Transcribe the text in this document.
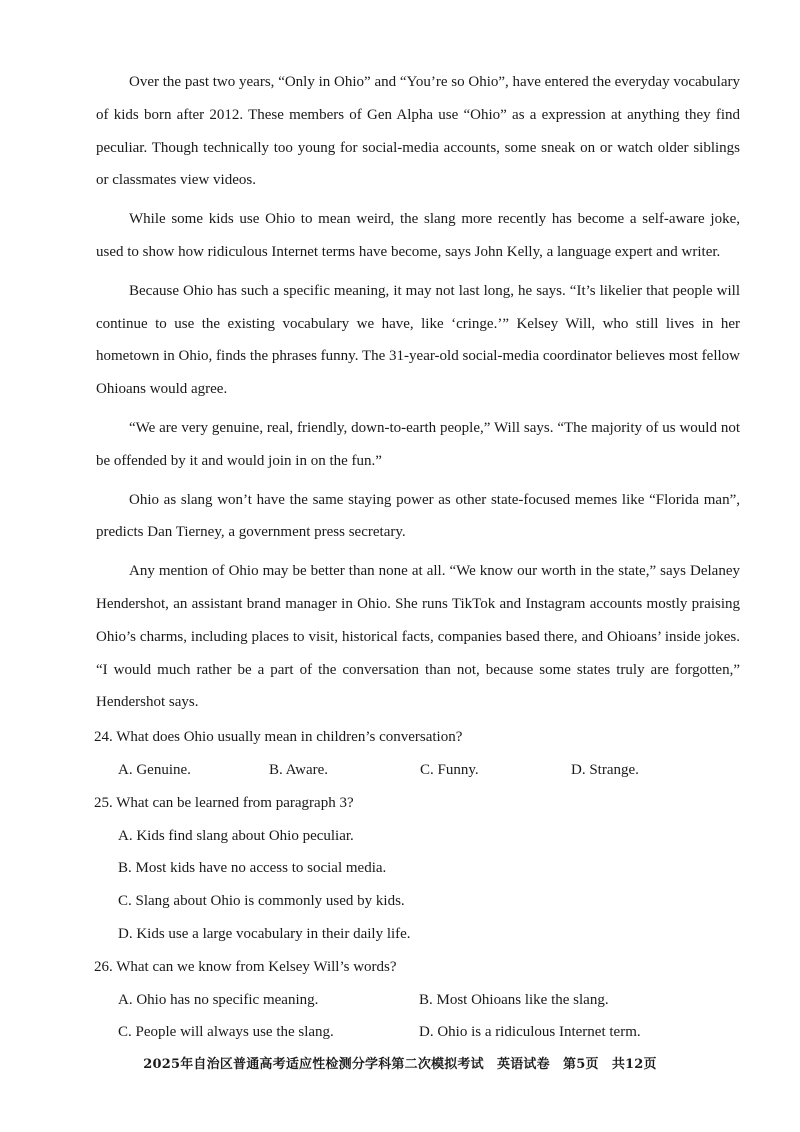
Over the past two years, “Only in Ohio” and “You’re so Ohio”, have entered the everyday vocabulary of kids born after 2012. These members of Gen Alpha use “Ohio” as a expression at anything they find peculiar. Though technically too young for social-media accounts, some sneak on or watch older siblings or classmates view videos.

While some kids use Ohio to mean weird, the slang more recently has become a self-aware joke, used to show how ridiculous Internet terms have become, says John Kelly, a language expert and writer.

Because Ohio has such a specific meaning, it may not last long, he says. “It’s likelier that people will continue to use the existing vocabulary we have, like ‘cringe.’” Kelsey Will, who still lives in her hometown in Ohio, finds the phrases funny. The 31-year-old social-media coordinator believes most fellow Ohioans would agree.

“We are very genuine, real, friendly, down-to-earth people,” Will says. “The majority of us would not be offended by it and would join in on the fun.”

Ohio as slang won’t have the same staying power as other state-focused memes like “Florida man”, predicts Dan Tierney, a government press secretary.

Any mention of Ohio may be better than none at all. “We know our worth in the state,” says Delaney Hendershot, an assistant brand manager in Ohio. She runs TikTok and Instagram accounts mostly praising Ohio’s charms, including places to visit, historical facts, companies based there, and Ohioans’ inside jokes. “I would much rather be a part of the conversation than not, because some states truly are forgotten,” Hendershot says.

24. What does Ohio usually mean in children’s conversation?
A. Genuine.	B. Aware.	C. Funny.	D. Strange.
25. What can be learned from paragraph 3?
A. Kids find slang about Ohio peculiar.
B. Most kids have no access to social media.
C. Slang about Ohio is commonly used by kids.
D. Kids use a large vocabulary in their daily life.
26. What can we know from Kelsey Will’s words?
A. Ohio has no specific meaning.	B. Most Ohioans like the slang.
C. People will always use the slang.	D. Ohio is a ridiculous Internet term.
2025年自治区普通高考适应性检测分学科第二次模拟考试　英语试卷　第5页　共12页
